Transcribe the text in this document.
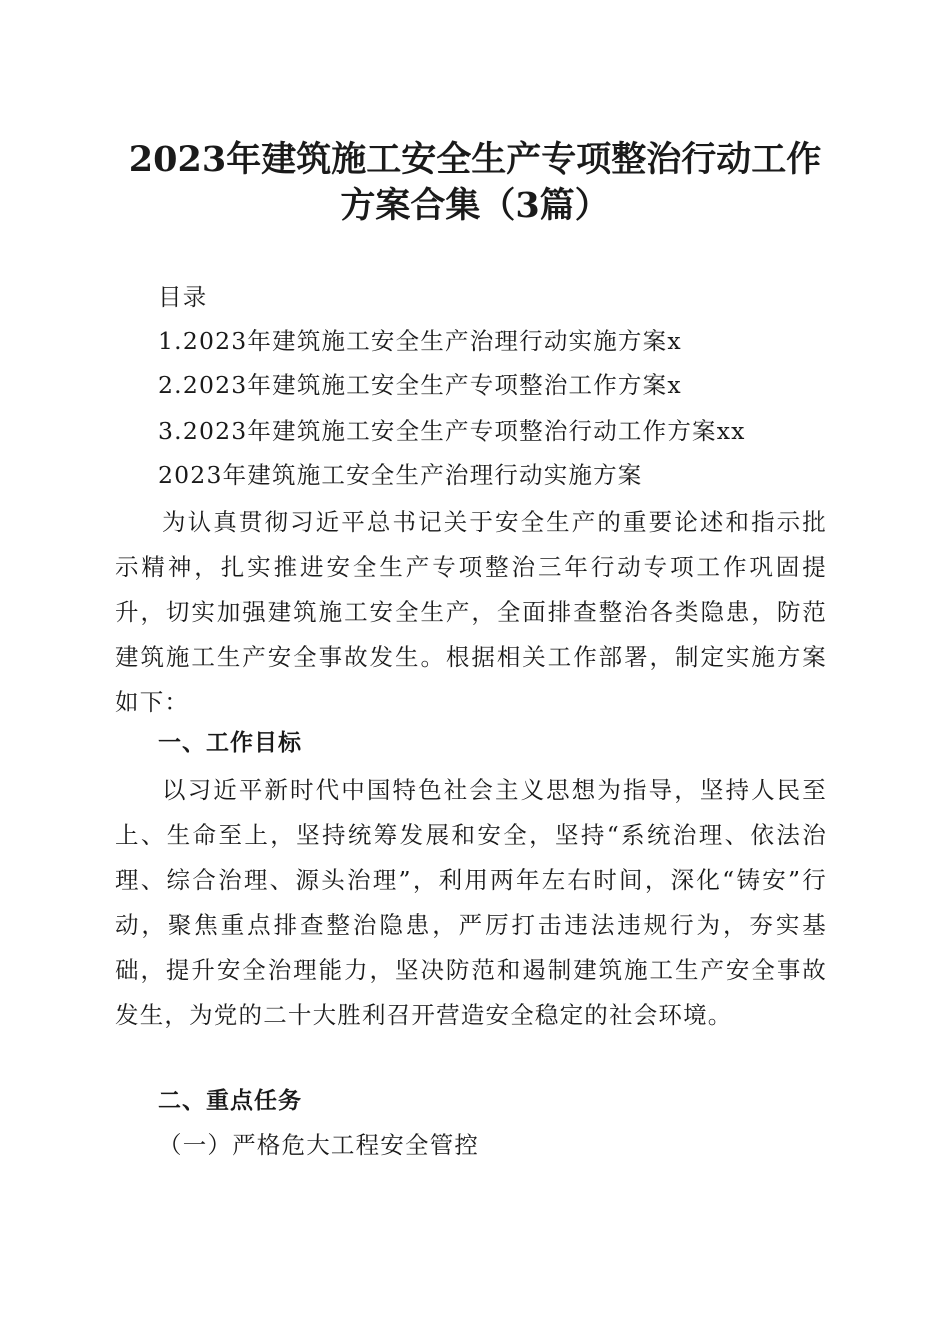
2023年建筑施工安全生产专项整治行动工作
方案合集（3篇）

目录

1.2023年建筑施工安全生产治理行动实施方案x

2.2023年建筑施工安全生产专项整治工作方案x

3.2023年建筑施工安全生产专项整治行动工作方案xx

2023年建筑施工安全生产治理行动实施方案

为认真贯彻习近平总书记关于安全生产的重要论述和指示批示精神，扎实推进安全生产专项整治三年行动专项工作巩固提升，切实加强建筑施工安全生产，全面排查整治各类隐患，防范建筑施工生产安全事故发生。根据相关工作部署，制定实施方案如下：

一、工作目标

以习近平新时代中国特色社会主义思想为指导，坚持人民至上、生命至上，坚持统筹发展和安全，坚持“系统治理、依法治理、综合治理、源头治理”，利用两年左右时间，深化“铸安”行动，聚焦重点排查整治隐患，严厉打击违法违规行为，夯实基础，提升安全治理能力，坚决防范和遏制建筑施工生产安全事故发生，为党的二十大胜利召开营造安全稳定的社会环境。

二、重点任务

（一）严格危大工程安全管控
